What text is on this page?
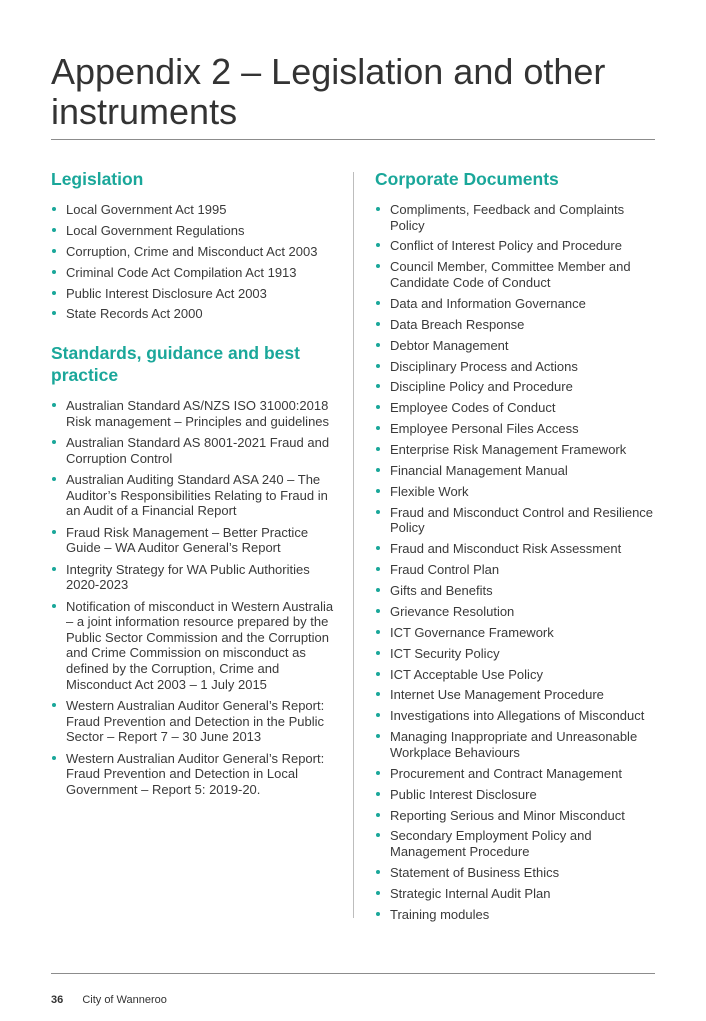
Appendix 2 – Legislation and other instruments
Legislation
Local Government Act 1995
Local Government Regulations
Corruption, Crime and Misconduct Act 2003
Criminal Code Act Compilation Act 1913
Public Interest Disclosure Act 2003
State Records Act 2000
Standards, guidance and best practice
Australian Standard AS/NZS ISO 31000:2018 Risk management – Principles and guidelines
Australian Standard AS 8001-2021 Fraud and Corruption Control
Australian Auditing Standard ASA 240 – The Auditor’s Responsibilities Relating to Fraud in an Audit of a Financial Report
Fraud Risk Management – Better Practice Guide – WA Auditor General’s Report
Integrity Strategy for WA Public Authorities 2020-2023
Notification of misconduct in Western Australia – a joint information resource prepared by the Public Sector Commission and the Corruption and Crime Commission on misconduct as defined by the Corruption, Crime and Misconduct Act 2003 – 1 July 2015
Western Australian Auditor General’s Report: Fraud Prevention and Detection in the Public Sector – Report 7 – 30 June 2013
Western Australian Auditor General’s Report: Fraud Prevention and Detection in Local Government – Report 5: 2019-20.
Corporate Documents
Compliments, Feedback and Complaints Policy
Conflict of Interest Policy and Procedure
Council Member, Committee Member and Candidate Code of Conduct
Data and Information Governance
Data Breach Response
Debtor Management
Disciplinary Process and Actions
Discipline Policy and Procedure
Employee Codes of Conduct
Employee Personal Files Access
Enterprise Risk Management Framework
Financial Management Manual
Flexible Work
Fraud and Misconduct Control and Resilience Policy
Fraud and Misconduct Risk Assessment
Fraud Control Plan
Gifts and Benefits
Grievance Resolution
ICT Governance Framework
ICT Security Policy
ICT Acceptable Use Policy
Internet Use Management Procedure
Investigations into Allegations of Misconduct
Managing Inappropriate and Unreasonable Workplace Behaviours
Procurement and Contract Management
Public Interest Disclosure
Reporting Serious and Minor Misconduct
Secondary Employment Policy and Management Procedure
Statement of Business Ethics
Strategic Internal Audit Plan
Training modules
36 City of Wanneroo
